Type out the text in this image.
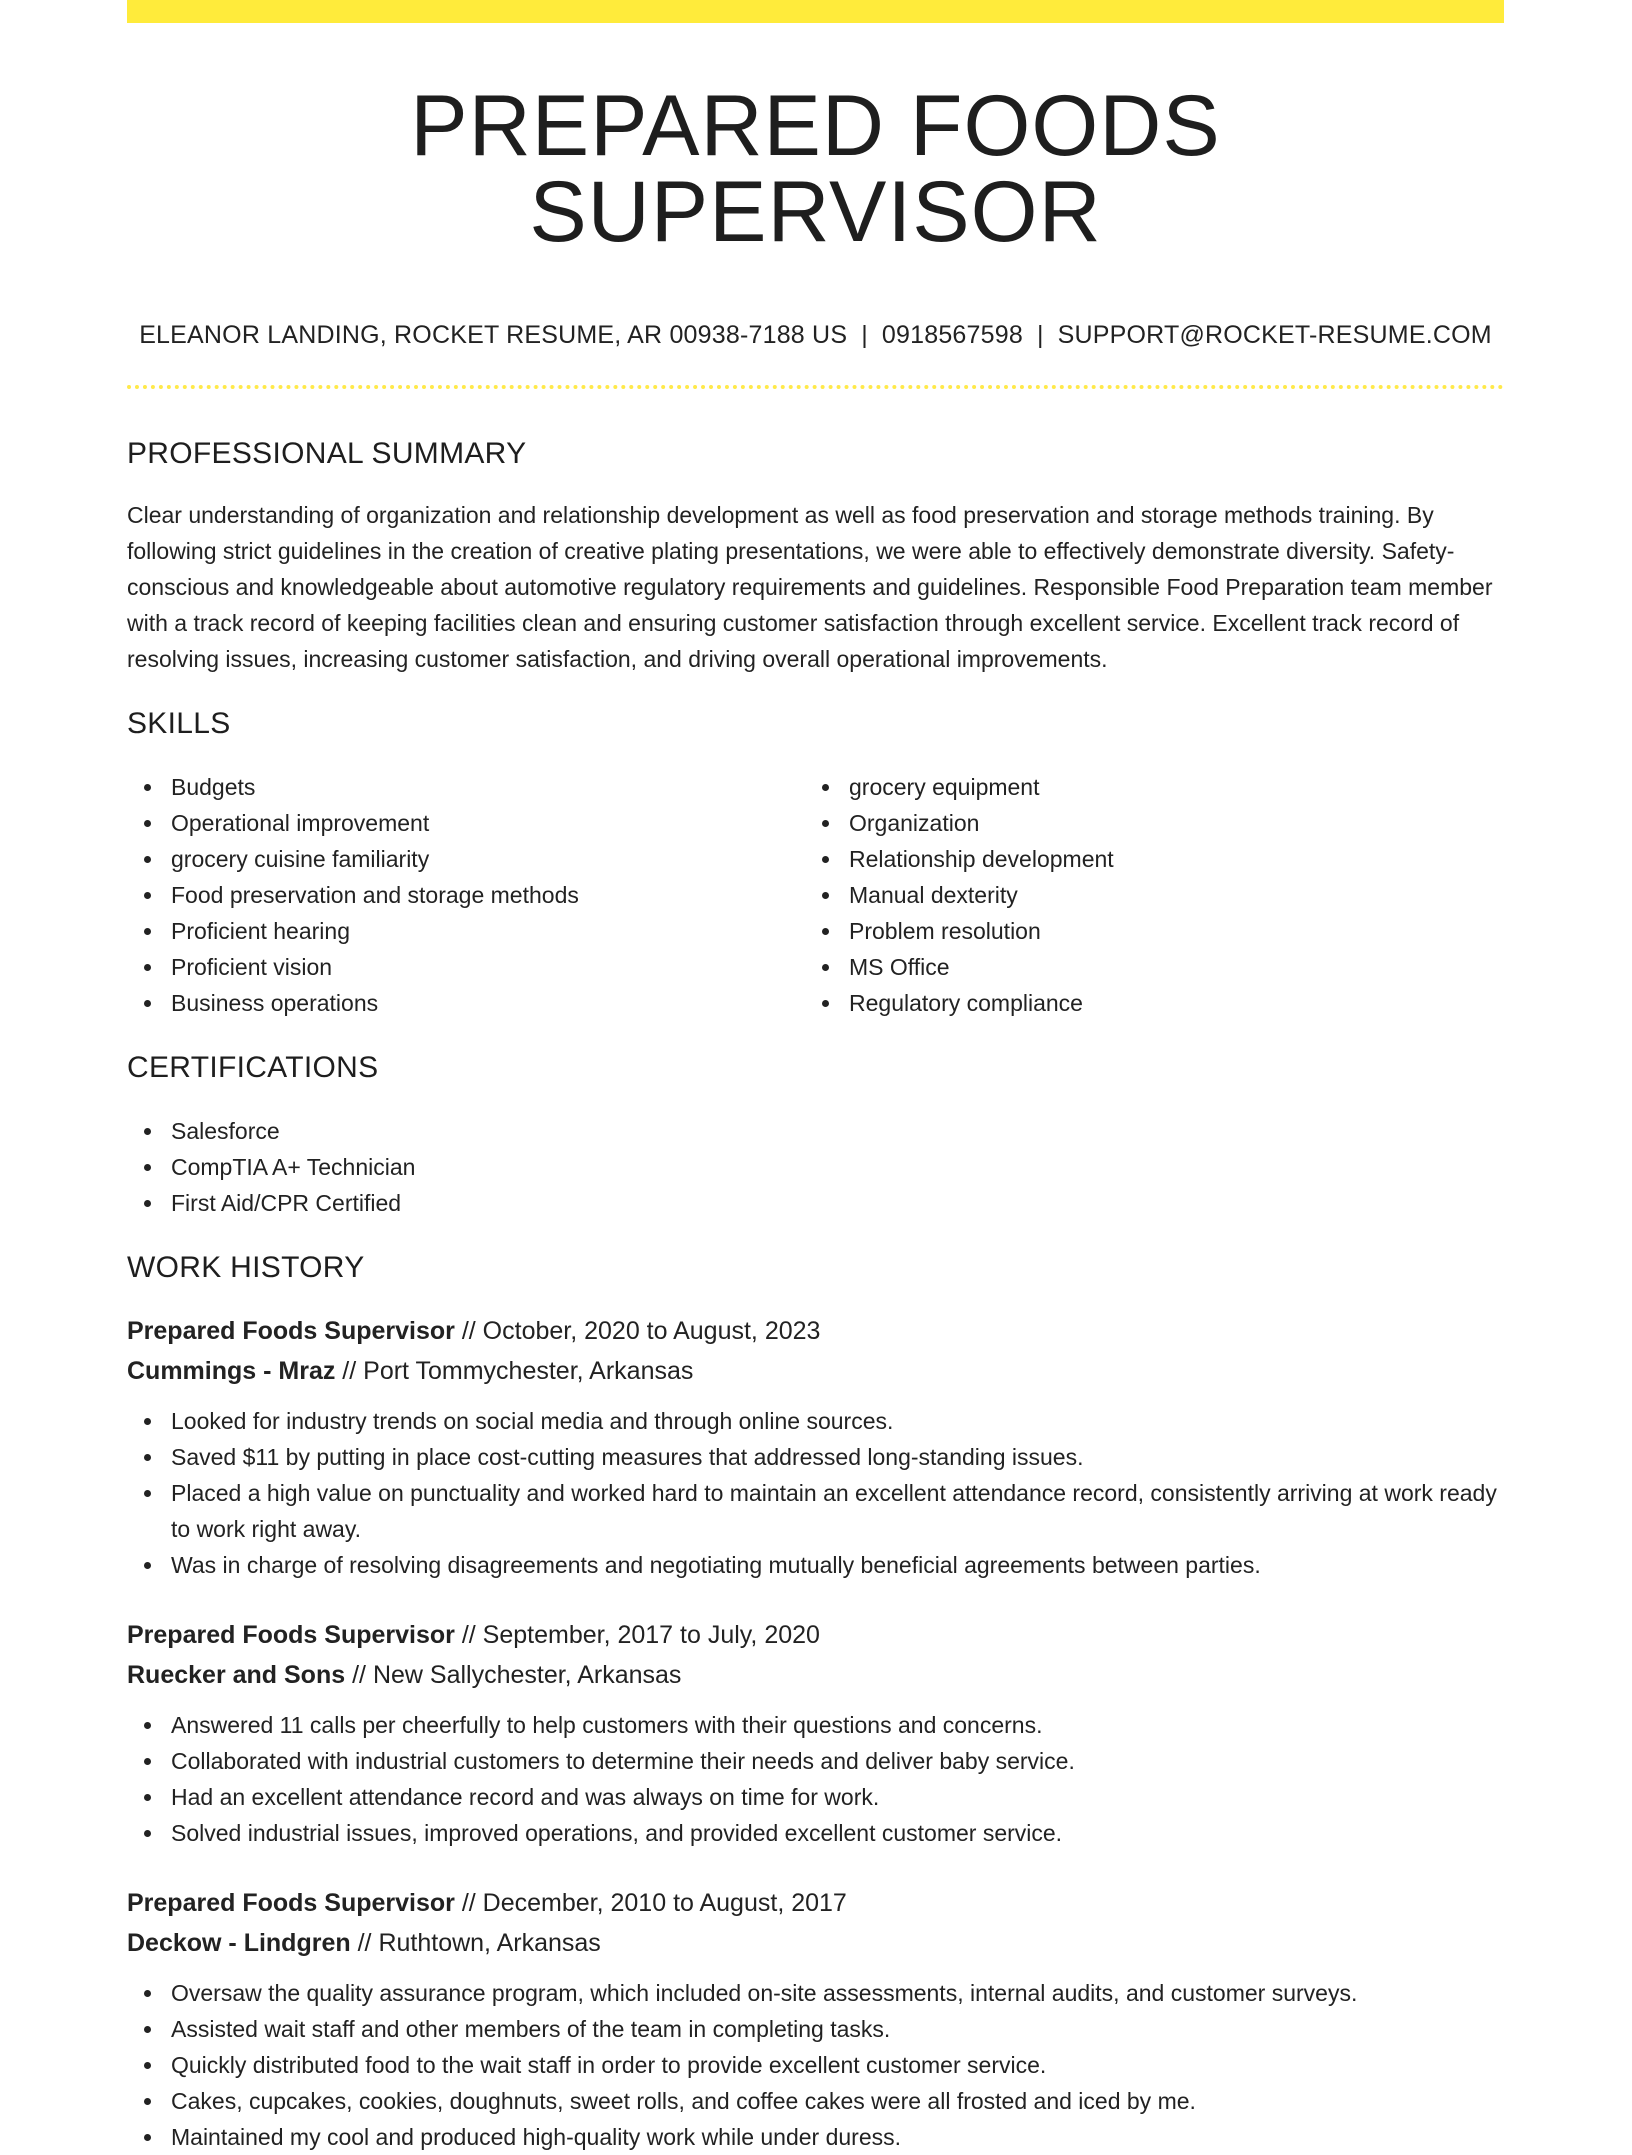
PREPARED FOODS SUPERVISOR
ELEANOR LANDING, ROCKET RESUME, AR 00938-7188 US | 0918567598 | SUPPORT@ROCKET-RESUME.COM
PROFESSIONAL SUMMARY

Clear understanding of organization and relationship development as well as food preservation and storage methods training. By following strict guidelines in the creation of creative plating presentations, we were able to effectively demonstrate diversity. Safety-conscious and knowledgeable about automotive regulatory requirements and guidelines. Responsible Food Preparation team member with a track record of keeping facilities clean and ensuring customer satisfaction through excellent service. Excellent track record of resolving issues, increasing customer satisfaction, and driving overall operational improvements.

SKILLS
Budgets
Operational improvement
grocery cuisine familiarity
Food preservation and storage methods
Proficient hearing
Proficient vision
Business operations
grocery equipment
Organization
Relationship development
Manual dexterity
Problem resolution
MS Office
Regulatory compliance
CERTIFICATIONS
Salesforce
CompTIA A+ Technician
First Aid/CPR Certified
WORK HISTORY
Prepared Foods Supervisor // October, 2020 to August, 2023
Cummings - Mraz // Port Tommychester, Arkansas
Looked for industry trends on social media and through online sources.
Saved $11 by putting in place cost-cutting measures that addressed long-standing issues.
Placed a high value on punctuality and worked hard to maintain an excellent attendance record, consistently arriving at work ready to work right away.
Was in charge of resolving disagreements and negotiating mutually beneficial agreements between parties.
Prepared Foods Supervisor // September, 2017 to July, 2020
Ruecker and Sons // New Sallychester, Arkansas
Answered 11 calls per cheerfully to help customers with their questions and concerns.
Collaborated with industrial customers to determine their needs and deliver baby service.
Had an excellent attendance record and was always on time for work.
Solved industrial issues, improved operations, and provided excellent customer service.
Prepared Foods Supervisor // December, 2010 to August, 2017
Deckow - Lindgren // Ruthtown, Arkansas
Oversaw the quality assurance program, which included on-site assessments, internal audits, and customer surveys.
Assisted wait staff and other members of the team in completing tasks.
Quickly distributed food to the wait staff in order to provide excellent customer service.
Cakes, cupcakes, cookies, doughnuts, sweet rolls, and coffee cakes were all frosted and iced by me.
Maintained my cool and produced high-quality work while under duress.
